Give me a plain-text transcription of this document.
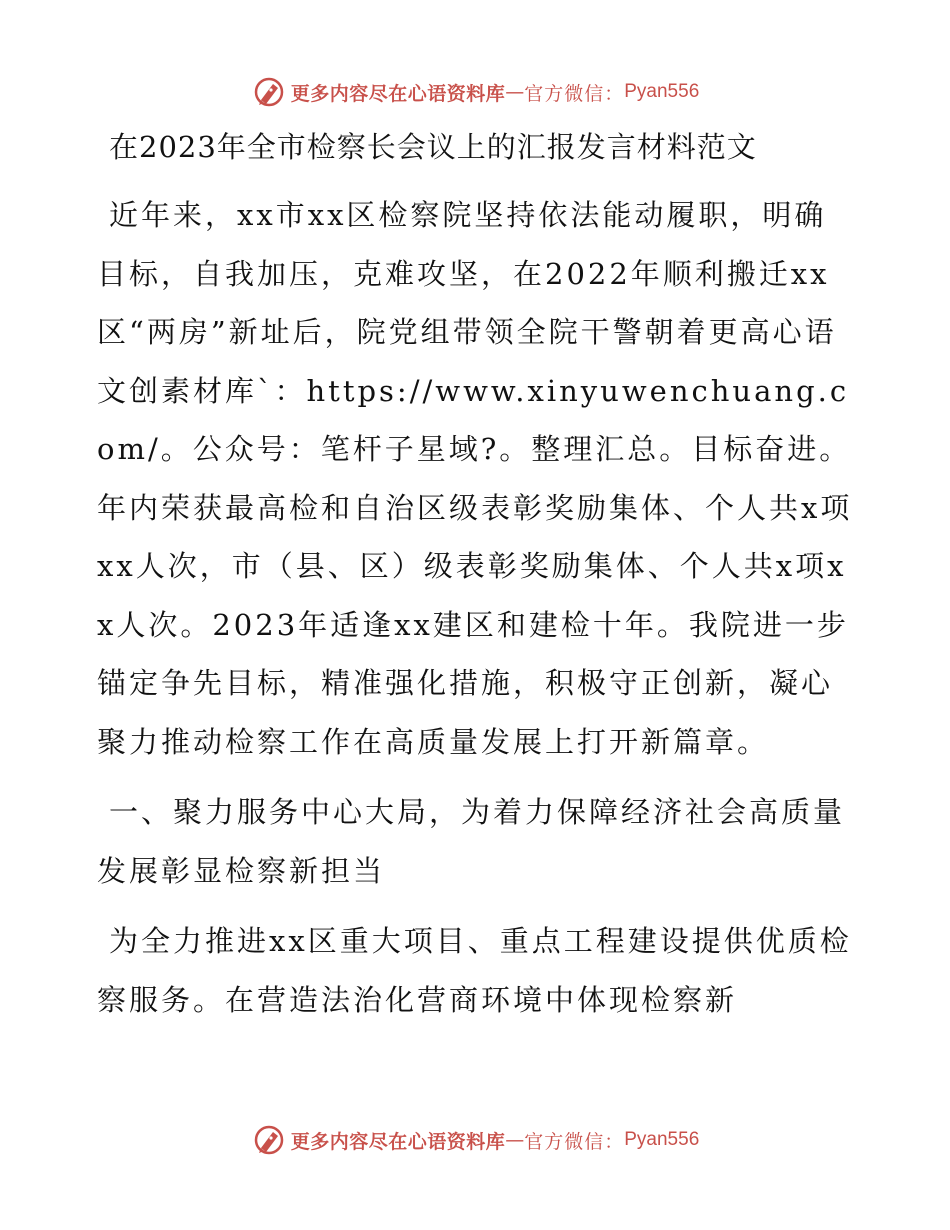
更多内容尽在心语资料库 — 官方微信： Pyan556
在2023年全市检察长会议上的汇报发言材料范文
近年来，xx市xx区检察院坚持依法能动履职，明确目标，自我加压，克难攻坚，在2022年顺利搬迁xx区“两房”新址后，院党组带领全院干警朝着更高心语文创素材库`：https://www.xinyuwenchuang.com/。公众号：笔杆子星域?。整理汇总。目标奋进。年内荣获最高检和自治区级表彰奖励集体、个人共x项xx人次，市（县、区）级表彰奖励集体、个人共x项xx人次。2023年适逢xx建区和建检十年。我院进一步锚定争先目标，精准强化措施，积极守正创新，凝心聚力推动检察工作在高质量发展上打开新篇章。
一、聚力服务中心大局，为着力保障经济社会高质量发展彰显检察新担当
为全力推进xx区重大项目、重点工程建设提供优质检察服务。在营造法治化营商环境中体现检察新
更多内容尽在心语资料库 — 官方微信： Pyan556
